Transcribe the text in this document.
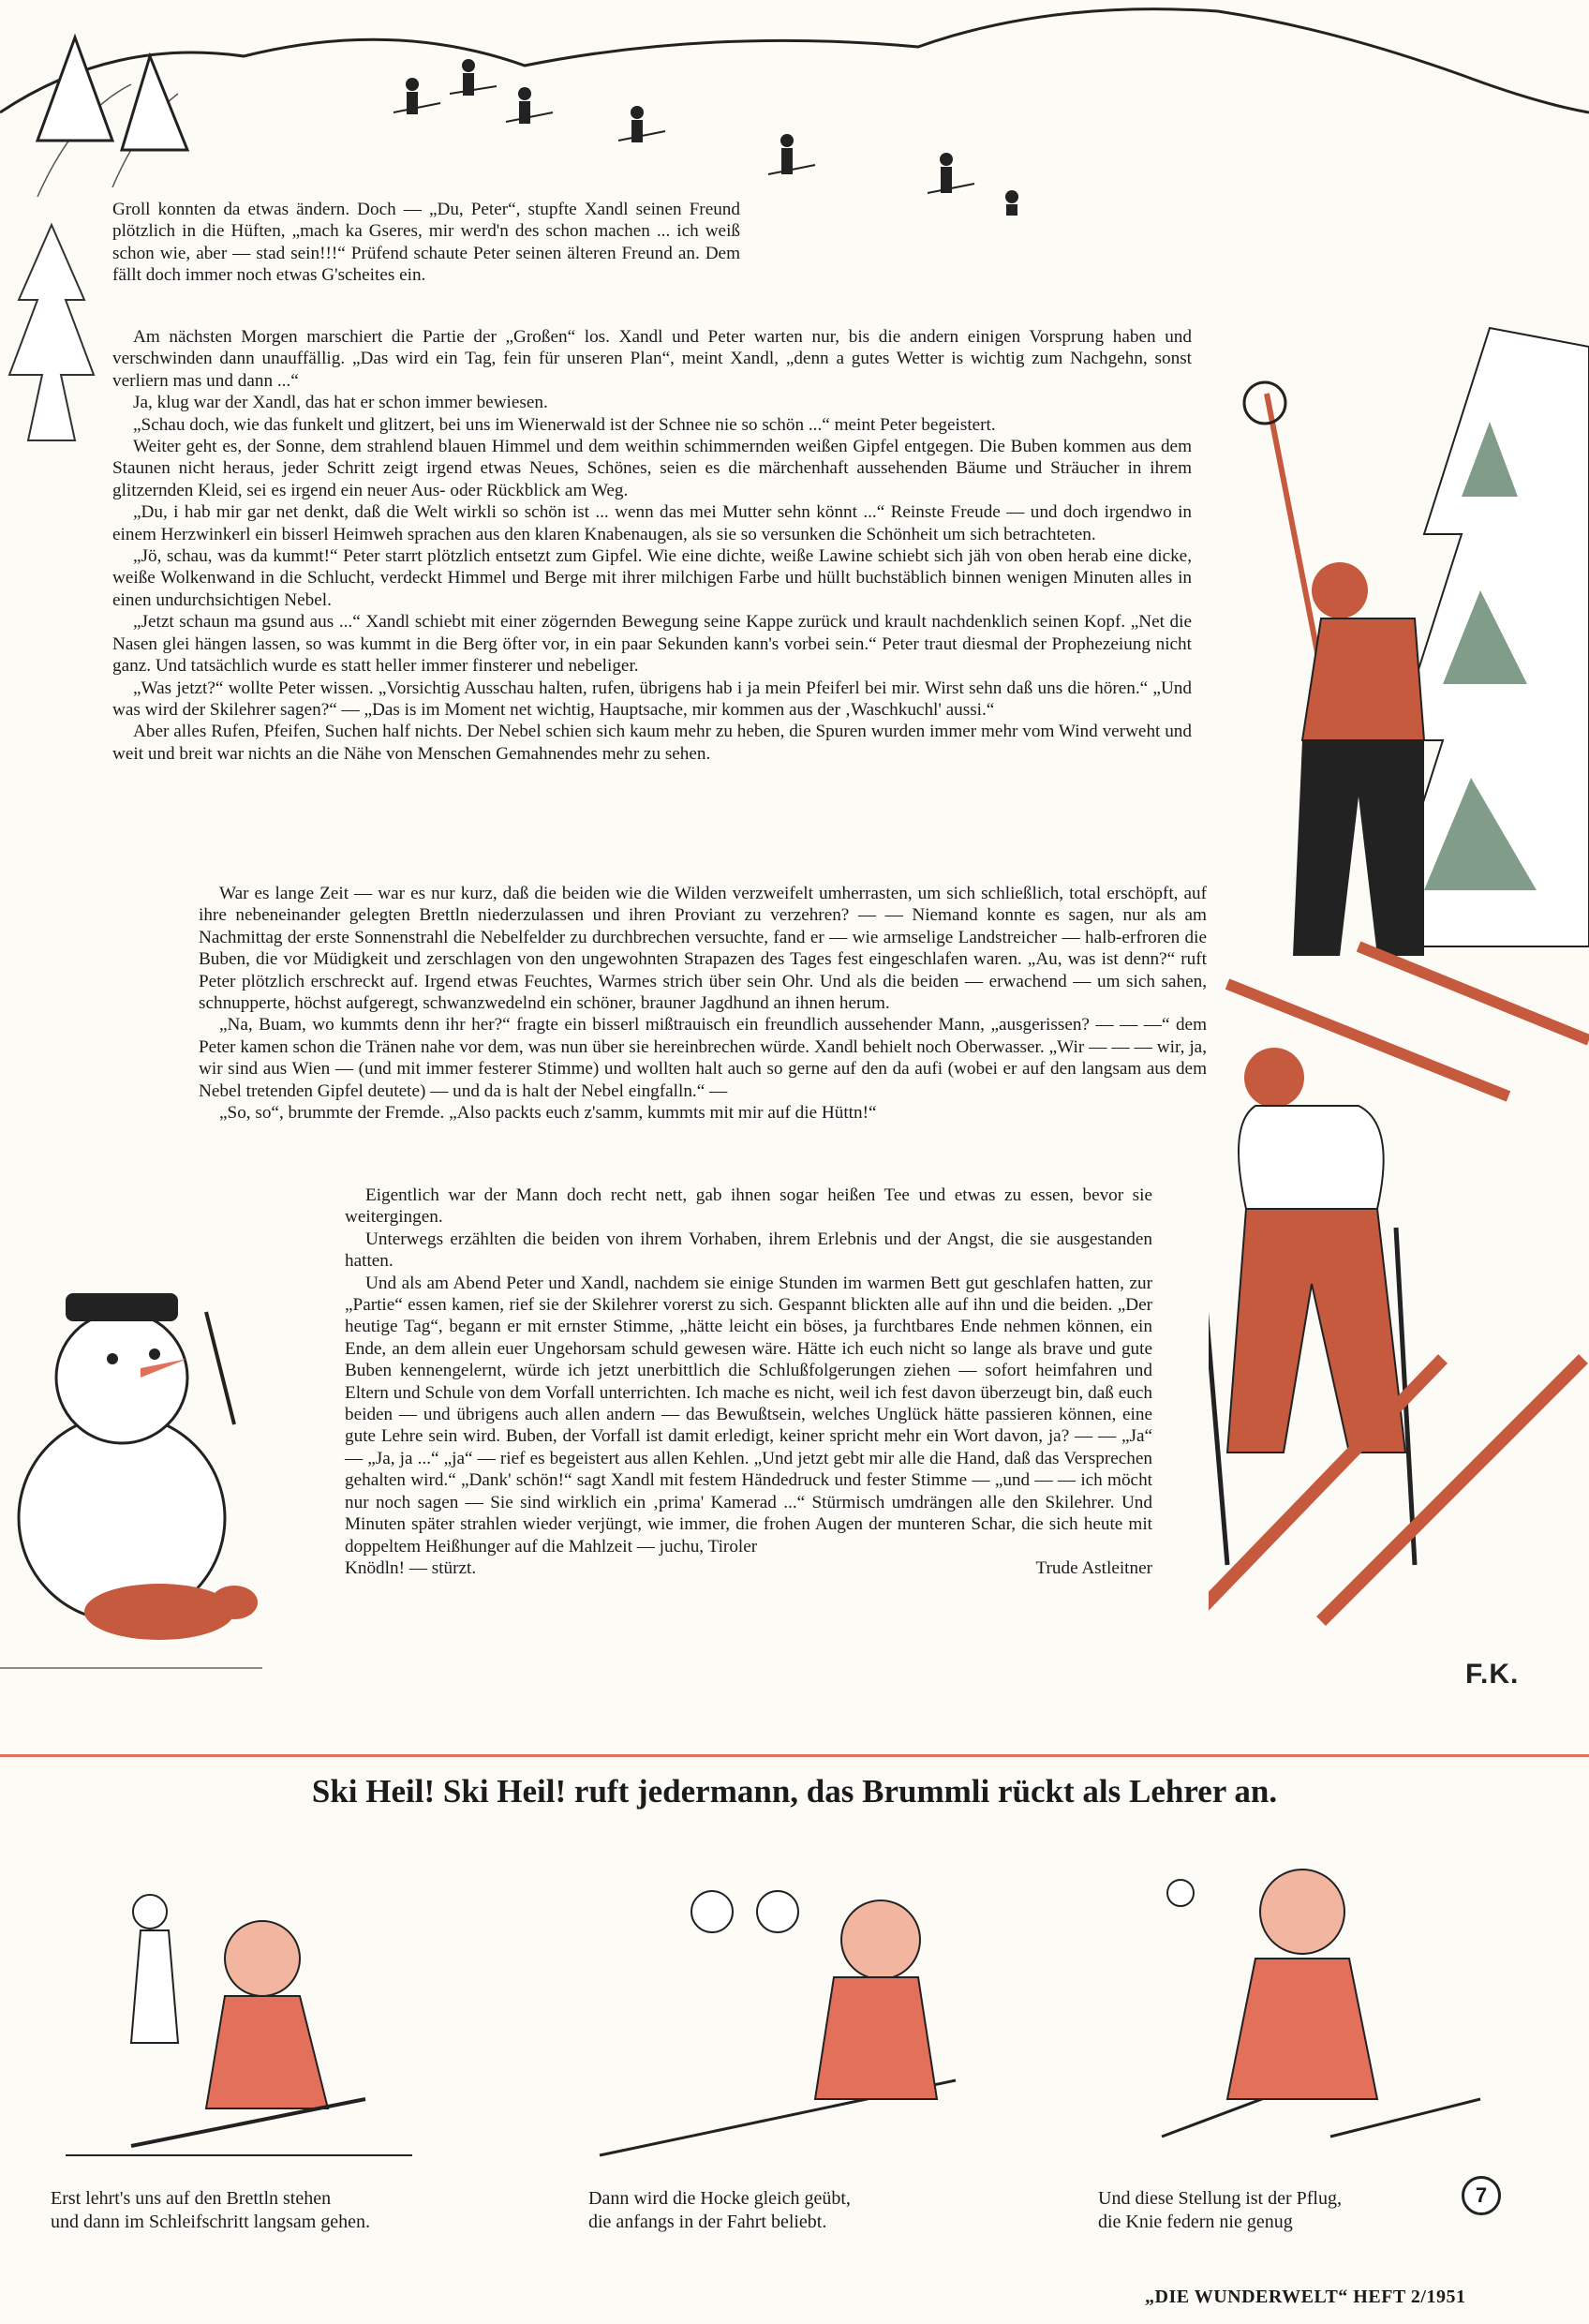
Groll konnten da etwas ändern. Doch — „Du, Peter“, stupfte Xandl seinen Freund plötzlich in die Hüften, „mach ka Gseres, mir werd'n des schon machen ... ich weiß schon wie, aber — stad sein!!!“ Prüfend schaute Peter seinen älteren Freund an. Dem fällt doch immer noch etwas G'scheites ein.

Am nächsten Morgen marschiert die Partie der „Großen“ los. Xandl und Peter warten nur, bis die andern einigen Vorsprung haben und verschwinden dann unauffällig. „Das wird ein Tag, fein für unseren Plan“, meint Xandl, „denn a gutes Wetter is wichtig zum Nachgehn, sonst verliern mas und dann ...“

Ja, klug war der Xandl, das hat er schon immer bewiesen.

„Schau doch, wie das funkelt und glitzert, bei uns im Wienerwald ist der Schnee nie so schön ...“ meint Peter begeistert.

Weiter geht es, der Sonne, dem strahlend blauen Himmel und dem weithin schimmernden weißen Gipfel entgegen. Die Buben kommen aus dem Staunen nicht heraus, jeder Schritt zeigt irgend etwas Neues, Schönes, seien es die märchenhaft aussehenden Bäume und Sträucher in ihrem glitzernden Kleid, sei es irgend ein neuer Aus- oder Rückblick am Weg.

„Du, i hab mir gar net denkt, daß die Welt wirkli so schön ist ... wenn das mei Mutter sehn könnt ...“ Reinste Freude — und doch irgendwo in einem Herzwinkerl ein bisserl Heimweh sprachen aus den klaren Knabenaugen, als sie so versunken die Schönheit um sich betrachteten.

„Jö, schau, was da kummt!“ Peter starrt plötzlich entsetzt zum Gipfel. Wie eine dichte, weiße Lawine schiebt sich jäh von oben herab eine dicke, weiße Wolkenwand in die Schlucht, verdeckt Himmel und Berge mit ihrer milchigen Farbe und hüllt buchstäblich binnen wenigen Minuten alles in einen undurchsichtigen Nebel.

„Jetzt schaun ma gsund aus ...“ Xandl schiebt mit einer zögernden Bewegung seine Kappe zurück und krault nachdenklich seinen Kopf. „Net die Nasen glei hängen lassen, so was kummt in die Berg öfter vor, in ein paar Sekunden kann's vorbei sein.“ Peter traut diesmal der Prophezeiung nicht ganz. Und tatsächlich wurde es statt heller immer finsterer und nebeliger.

„Was jetzt?“ wollte Peter wissen. „Vorsichtig Ausschau halten, rufen, übrigens hab i ja mein Pfeiferl bei mir. Wirst sehn daß uns die hören.“ „Und was wird der Skilehrer sagen?“ — „Das is im Moment net wichtig, Hauptsache, mir kommen aus der ‚Waschkuchl' aussi.“

Aber alles Rufen, Pfeifen, Suchen half nichts. Der Nebel schien sich kaum mehr zu heben, die Spuren wurden immer mehr vom Wind verweht und weit und breit war nichts an die Nähe von Menschen Gemahnendes mehr zu sehen.

War es lange Zeit — war es nur kurz, daß die beiden wie die Wilden verzweifelt umherrasten, um sich schließlich, total erschöpft, auf ihre nebeneinander gelegten Brettln niederzulassen und ihren Proviant zu verzehren? — — Niemand konnte es sagen, nur als am Nachmittag der erste Sonnenstrahl die Nebelfelder zu durchbrechen versuchte, fand er — wie armselige Landstreicher — halb-erfroren die Buben, die vor Müdigkeit und zerschlagen von den ungewohnten Strapazen des Tages fest eingeschlafen waren. „Au, was ist denn?“ ruft Peter plötzlich erschreckt auf. Irgend etwas Feuchtes, Warmes strich über sein Ohr. Und als die beiden — erwachend — um sich sahen, schnupperte, höchst aufgeregt, schwanzwedelnd ein schöner, brauner Jagdhund an ihnen herum.

„Na, Buam, wo kummts denn ihr her?“ fragte ein bisserl mißtrauisch ein freundlich aussehender Mann, „ausgerissen? — — —“ dem Peter kamen schon die Tränen nahe vor dem, was nun über sie hereinbrechen würde. Xandl behielt noch Oberwasser. „Wir — — — wir, ja, wir sind aus Wien — (und mit immer festerer Stimme) und wollten halt auch so gerne auf den da aufi (wobei er auf den langsam aus dem Nebel tretenden Gipfel deutete) — und da is halt der Nebel eingfalln.“ —

„So, so“, brummte der Fremde. „Also packts euch z'samm, kummts mit mir auf die Hüttn!“

Eigentlich war der Mann doch recht nett, gab ihnen sogar heißen Tee und etwas zu essen, bevor sie weitergingen.

Unterwegs erzählten die beiden von ihrem Vorhaben, ihrem Erlebnis und der Angst, die sie ausgestanden hatten.

Und als am Abend Peter und Xandl, nachdem sie einige Stunden im warmen Bett gut geschlafen hatten, zur „Partie“ essen kamen, rief sie der Skilehrer vorerst zu sich. Gespannt blickten alle auf ihn und die beiden. „Der heutige Tag“, begann er mit ernster Stimme, „hätte leicht ein böses, ja furchtbares Ende nehmen können, ein Ende, an dem allein euer Ungehorsam schuld gewesen wäre. Hätte ich euch nicht so lange als brave und gute Buben kennengelernt, würde ich jetzt unerbittlich die Schlußfolgerungen ziehen — sofort heimfahren und Eltern und Schule von dem Vorfall unterrichten. Ich mache es nicht, weil ich fest davon überzeugt bin, daß euch beiden — und übrigens auch allen andern — das Bewußtsein, welches Unglück hätte passieren können, eine gute Lehre sein wird. Buben, der Vorfall ist damit erledigt, keiner spricht mehr ein Wort davon, ja? — — „Ja“ — „Ja, ja ...“ „ja“ — rief es begeistert aus allen Kehlen. „Und jetzt gebt mir alle die Hand, daß das Versprechen gehalten wird.“ „Dank' schön!“ sagt Xandl mit festem Händedruck und fester Stimme — „und — — ich möcht nur noch sagen — Sie sind wirklich ein ‚prima' Kamerad ...“ Stürmisch umdrängen alle den Skilehrer. Und Minuten später strahlen wieder verjüngt, wie immer, die frohen Augen der munteren Schar, die sich heute mit doppeltem Heißhunger auf die Mahlzeit — juchu, Tiroler

Knödln! — stürzt.	Trude Astleitner
F.K.
Ski Heil! Ski Heil! ruft jedermann, das Brummli rückt als Lehrer an.
Erst lehrt's uns auf den Brettln stehen
und dann im Schleifschritt langsam gehen.
Dann wird die Hocke gleich geübt,
die anfangs in der Fahrt beliebt.
Und diese Stellung ist der Pflug,
die Knie federn nie genug
7
„DIE WUNDERWELT“ HEFT 2/1951
